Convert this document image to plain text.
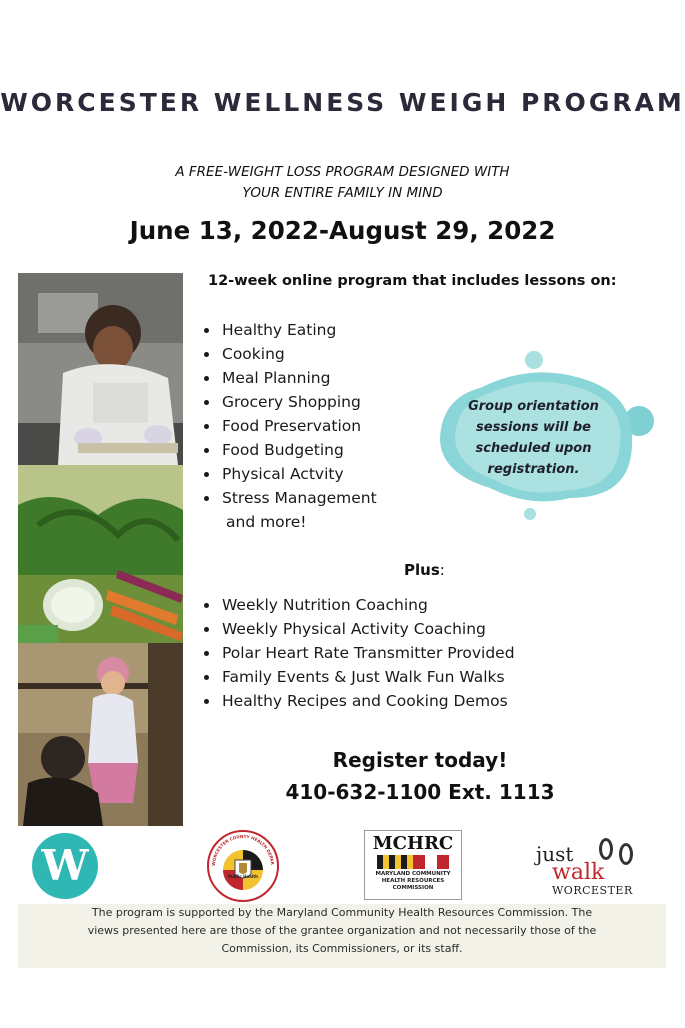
WORCESTER WELLNESS WEIGH PROGRAM
A FREE-WEIGHT LOSS PROGRAM DESIGNED WITH
YOUR ENTIRE FAMILY IN MIND
June 13, 2022-August 29, 2022
12-week online program that includes lessons on:
Healthy Eating
Cooking
Meal Planning
Grocery Shopping
Food Preservation
Food Budgeting
Physical Actvity
Stress Management
and more!
Group orientation sessions will be scheduled upon registration.
Plus:
Weekly Nutrition Coaching
Weekly Physical Activity Coaching
Polar Heart Rate Transmitter Provided
Family Events & Just Walk Fun Walks
Healthy Recipes and Cooking Demos
Register today!
410-632-1100 Ext. 1113
W	WORCESTER COUNTY HEALTH DEPAR
Public Health
MCHRC
MARYLAND COMMUNITY
HEALTH RESOURCES
COMMISSION
just
walk
WORCESTER
The program is supported by the Maryland Community Health Resources Commission. The
views presented here are those of the grantee organization and not necessarily those of the
Commission, its Commissioners, or its staff.
